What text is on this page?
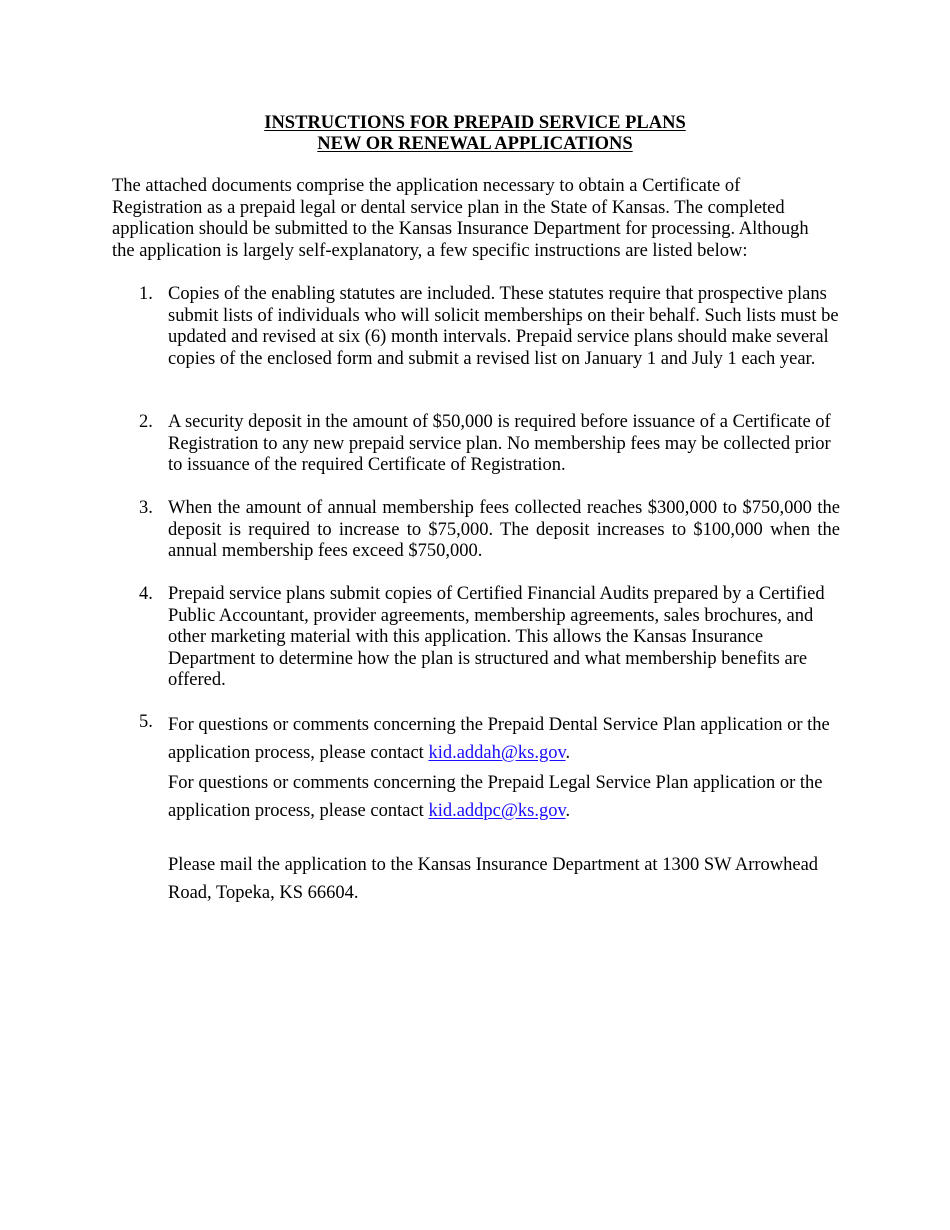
INSTRUCTIONS FOR PREPAID SERVICE PLANS
NEW OR RENEWAL APPLICATIONS

The attached documents comprise the application necessary to obtain a Certificate of Registration as a prepaid legal or dental service plan in the State of Kansas. The completed application should be submitted to the Kansas Insurance Department for processing. Although the application is largely self-explanatory, a few specific instructions are listed below:

1. Copies of the enabling statutes are included. These statutes require that prospective plans submit lists of individuals who will solicit memberships on their behalf. Such lists must be updated and revised at six (6) month intervals. Prepaid service plans should make several copies of the enclosed form and submit a revised list on January 1 and July 1 each year.
2. A security deposit in the amount of $50,000 is required before issuance of a Certificate of Registration to any new prepaid service plan. No membership fees may be collected prior to issuance of the required Certificate of Registration.
3. When the amount of annual membership fees collected reaches $300,000 to $750,000 the deposit is required to increase to $75,000. The deposit increases to $100,000 when the annual membership fees exceed $750,000.
4. Prepaid service plans submit copies of Certified Financial Audits prepared by a Certified Public Accountant, provider agreements, membership agreements, sales brochures, and other marketing material with this application. This allows the Kansas Insurance Department to determine how the plan is structured and what membership benefits are offered.
5. For questions or comments concerning the Prepaid Dental Service Plan application or the application process, please contact kid.addah@ks.gov.
For questions or comments concerning the Prepaid Legal Service Plan application or the application process, please contact kid.addpc@ks.gov.
Please mail the application to the Kansas Insurance Department at 1300 SW Arrowhead Road, Topeka, KS 66604.
